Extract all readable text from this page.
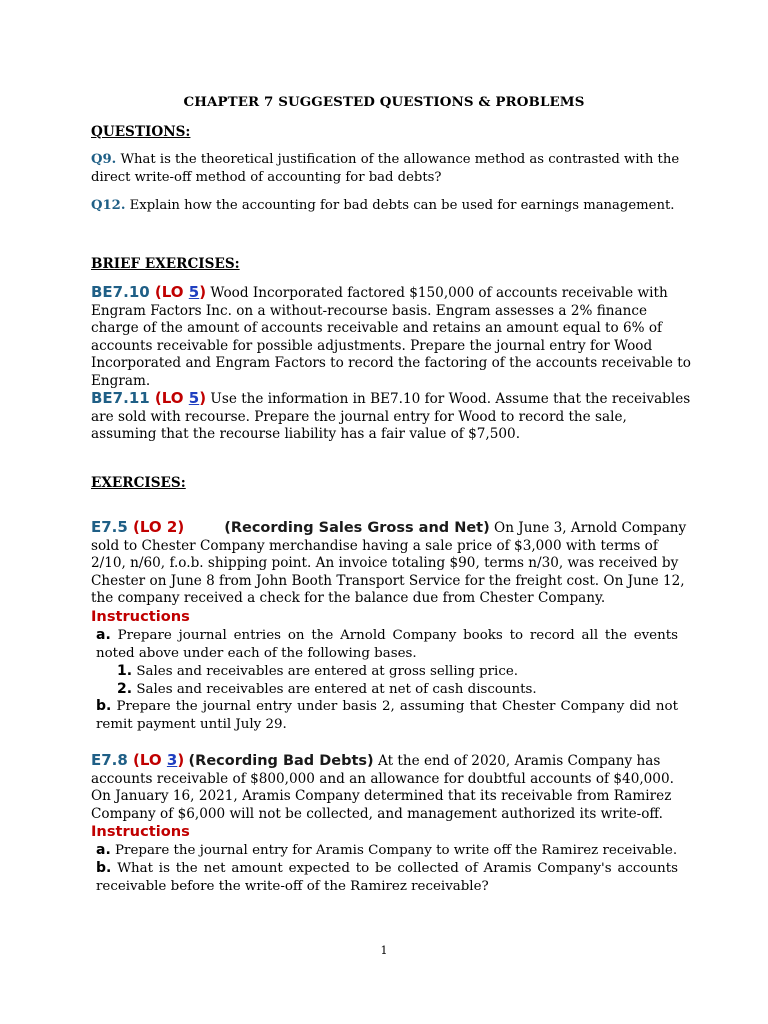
CHAPTER 7 SUGGESTED QUESTIONS & PROBLEMS
QUESTIONS:
Q9. What is the theoretical justification of the allowance method as contrasted with the direct write-off method of accounting for bad debts?
Q12. Explain how the accounting for bad debts can be used for earnings management.
BRIEF EXERCISES:
BE7.10 (LO 5) Wood Incorporated factored $150,000 of accounts receivable with Engram Factors Inc. on a without-recourse basis. Engram assesses a 2% finance charge of the amount of accounts receivable and retains an amount equal to 6% of accounts receivable for possible adjustments. Prepare the journal entry for Wood Incorporated and Engram Factors to record the factoring of the accounts receivable to Engram.
BE7.11 (LO 5) Use the information in BE7.10 for Wood. Assume that the receivables are sold with recourse. Prepare the journal entry for Wood to record the sale, assuming that the recourse liability has a fair value of $7,500.
EXERCISES:
E7.5 (LO 2)	(Recording Sales Gross and Net) On June 3, Arnold Company sold to Chester Company merchandise having a sale price of $3,000 with terms of 2/10, n/60, f.o.b. shipping point. An invoice totaling $90, terms n/30, was received by Chester on June 8 from John Booth Transport Service for the freight cost. On June 12, the company received a check for the balance due from Chester Company.
Instructions
a. Prepare journal entries on the Arnold Company books to record all the events noted above under each of the following bases.
1. Sales and receivables are entered at gross selling price.
2. Sales and receivables are entered at net of cash discounts.
b. Prepare the journal entry under basis 2, assuming that Chester Company did not remit payment until July 29.
E7.8 (LO 3) (Recording Bad Debts) At the end of 2020, Aramis Company has accounts receivable of $800,000 and an allowance for doubtful accounts of $40,000. On January 16, 2021, Aramis Company determined that its receivable from Ramirez Company of $6,000 will not be collected, and management authorized its write-off.
Instructions
a. Prepare the journal entry for Aramis Company to write off the Ramirez receivable.
b. What is the net amount expected to be collected of Aramis Company's accounts receivable before the write-off of the Ramirez receivable?
1
